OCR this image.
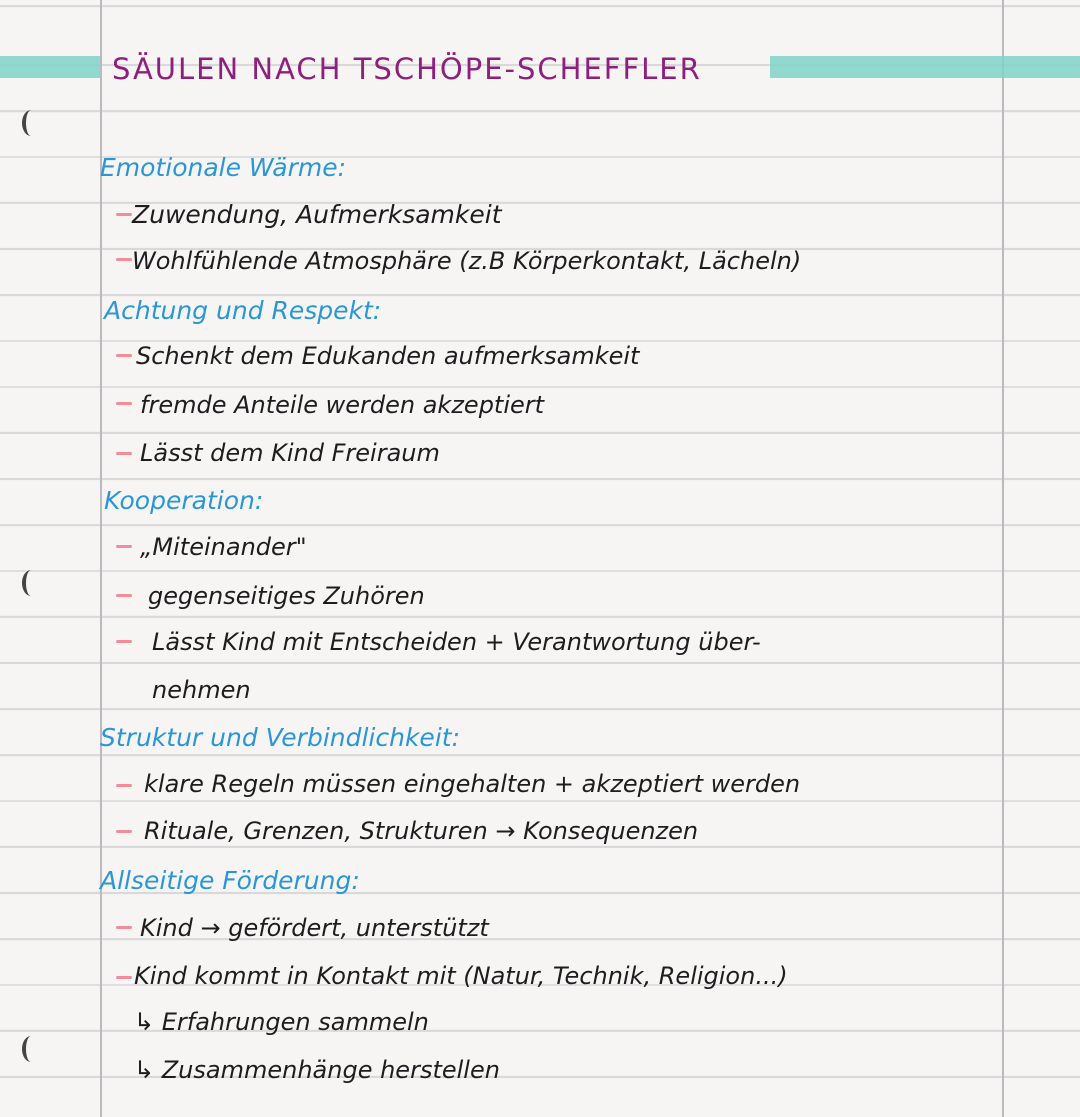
SÄULEN NACH TSCHÖPE-SCHEFFLER
Emotionale Wärme:
Zuwendung, Aufmerksamkeit
Wohlfühlende Atmosphäre (z.B Körperkontakt, Lächeln)
Achtung und Respekt:
Schenkt dem Edukanden aufmerksamkeit
fremde Anteile werden akzeptiert
Lässt dem Kind Freiraum
Kooperation:
„Miteinander"
gegenseitiges Zuhören
Lässt Kind mit Entscheiden + Verantwortung über-
nehmen
Struktur und Verbindlichkeit:
klare Regeln müssen eingehalten + akzeptiert werden
Rituale, Grenzen, Strukturen → Konsequenzen
Allseitige Förderung:
Kind → gefördert, unterstützt
Kind kommt in Kontakt mit (Natur, Technik, Religion...)
↳ Erfahrungen sammeln
↳ Zusammenhänge herstellen
